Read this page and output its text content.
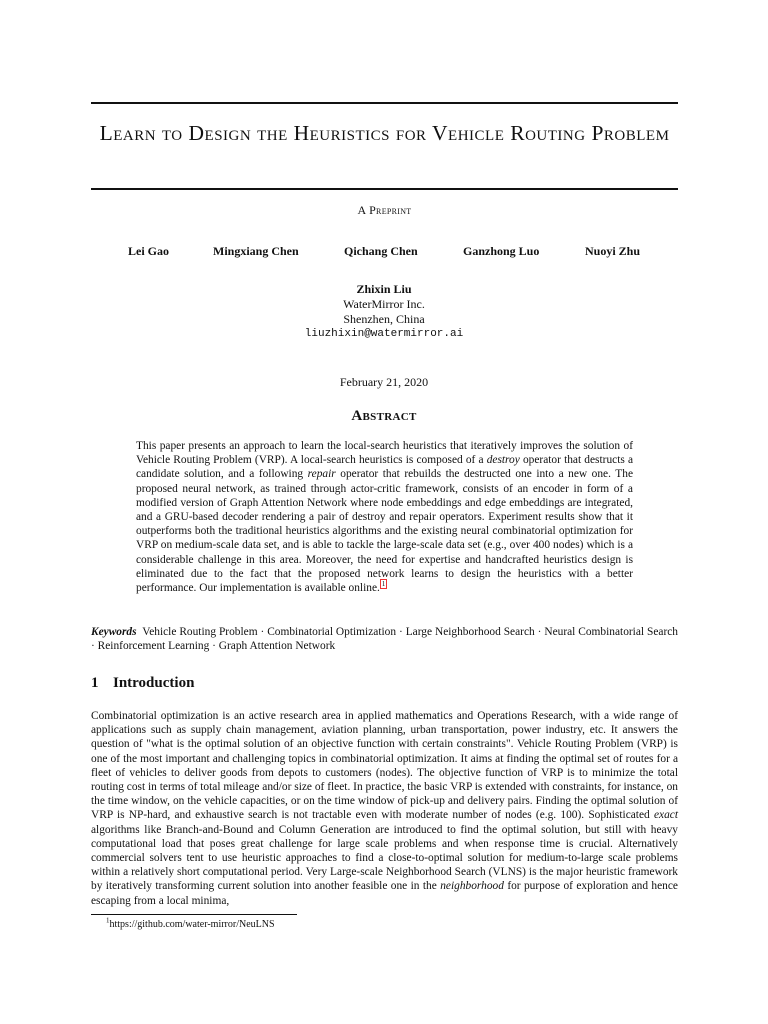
Learn to Design the Heuristics for Vehicle Routing Problem
A Preprint
Lei Gao	Mingxiang Chen	Qichang Chen	Ganzhong Luo	Nuoyi Zhu
Zhixin Liu
WaterMirror Inc.
Shenzhen, China
liuzhixin@watermirror.ai
February 21, 2020
Abstract
This paper presents an approach to learn the local-search heuristics that iteratively improves the solution of Vehicle Routing Problem (VRP). A local-search heuristics is composed of a destroy operator that destructs a candidate solution, and a following repair operator that rebuilds the destructed one into a new one. The proposed neural network, as trained through actor-critic framework, consists of an encoder in form of a modified version of Graph Attention Network where node embeddings and edge embeddings are integrated, and a GRU-based decoder rendering a pair of destroy and repair operators. Experiment results show that it outperforms both the traditional heuristics algorithms and the existing neural combinatorial optimization for VRP on medium-scale data set, and is able to tackle the large-scale data set (e.g., over 400 nodes) which is a considerable challenge in this area. Moreover, the need for expertise and handcrafted heuristics design is eliminated due to the fact that the proposed network learns to design the heuristics with a better performance. Our implementation is available online. $^1$
Keywords Vehicle Routing Problem · Combinatorial Optimization · Large Neighborhood Search · Neural Combinatorial Search · Reinforcement Learning · Graph Attention Network
1 Introduction
Combinatorial optimization is an active research area in applied mathematics and Operations Research, with a wide range of applications such as supply chain management, aviation planning, urban transportation, power industry, etc. It answers the question of "what is the optimal solution of an objective function with certain constraints". Vehicle Routing Problem (VRP) is one of the most important and challenging topics in combinatorial optimization. It aims at finding the optimal set of routes for a fleet of vehicles to deliver goods from depots to customers (nodes). The objective function of VRP is to minimize the total routing cost in terms of total mileage and/or size of fleet. In practice, the basic VRP is extended with constraints, for instance, on the time window, on the vehicle capacities, or on the time window of pick-up and delivery pairs. Finding the optimal solution of VRP is NP-hard, and exhaustive search is not tractable even with moderate number of nodes (e.g. 100). Sophisticated exact algorithms like Branch-and-Bound and Column Generation are introduced to find the optimal solution, but still with heavy computational load that poses great challenge for large scale problems and when response time is crucial. Alternatively commercial solvers tent to use heuristic approaches to find a close-to-optimal solution for medium-to-large scale problems within a relatively short computational period. Very Large-scale Neighborhood Search (VLNS) is the major heuristic framework by iteratively transforming current solution into another feasible one in the neighborhood for purpose of exploration and hence escaping from a local minima,
$^1$https://github.com/water-mirror/NeuLNS
